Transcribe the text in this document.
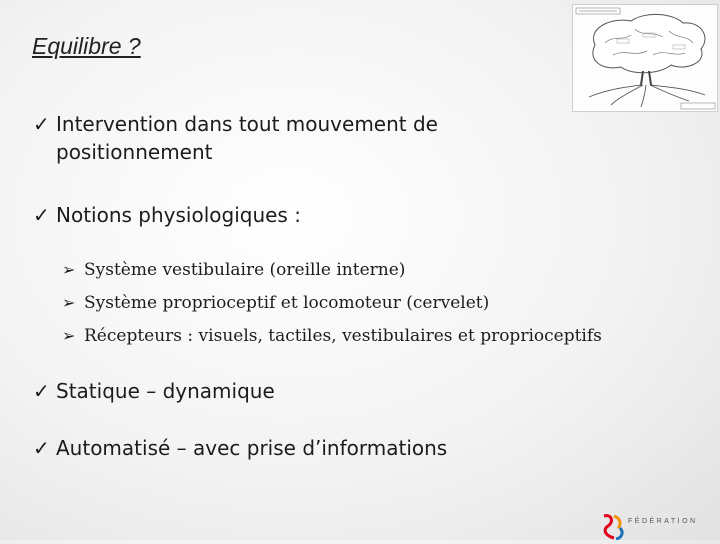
Equilibre ?
✓ Intervention dans tout mouvement de positionnement
✓ Notions physiologiques :
➢ Système vestibulaire (oreille interne)
➢ Système proprioceptif et locomoteur (cervelet)
➢ Récepteurs : visuels, tactiles, vestibulaires et proprioceptifs
✓ Statique – dynamique
✓ Automatisé – avec prise d’informations
FÉDÉRATION
